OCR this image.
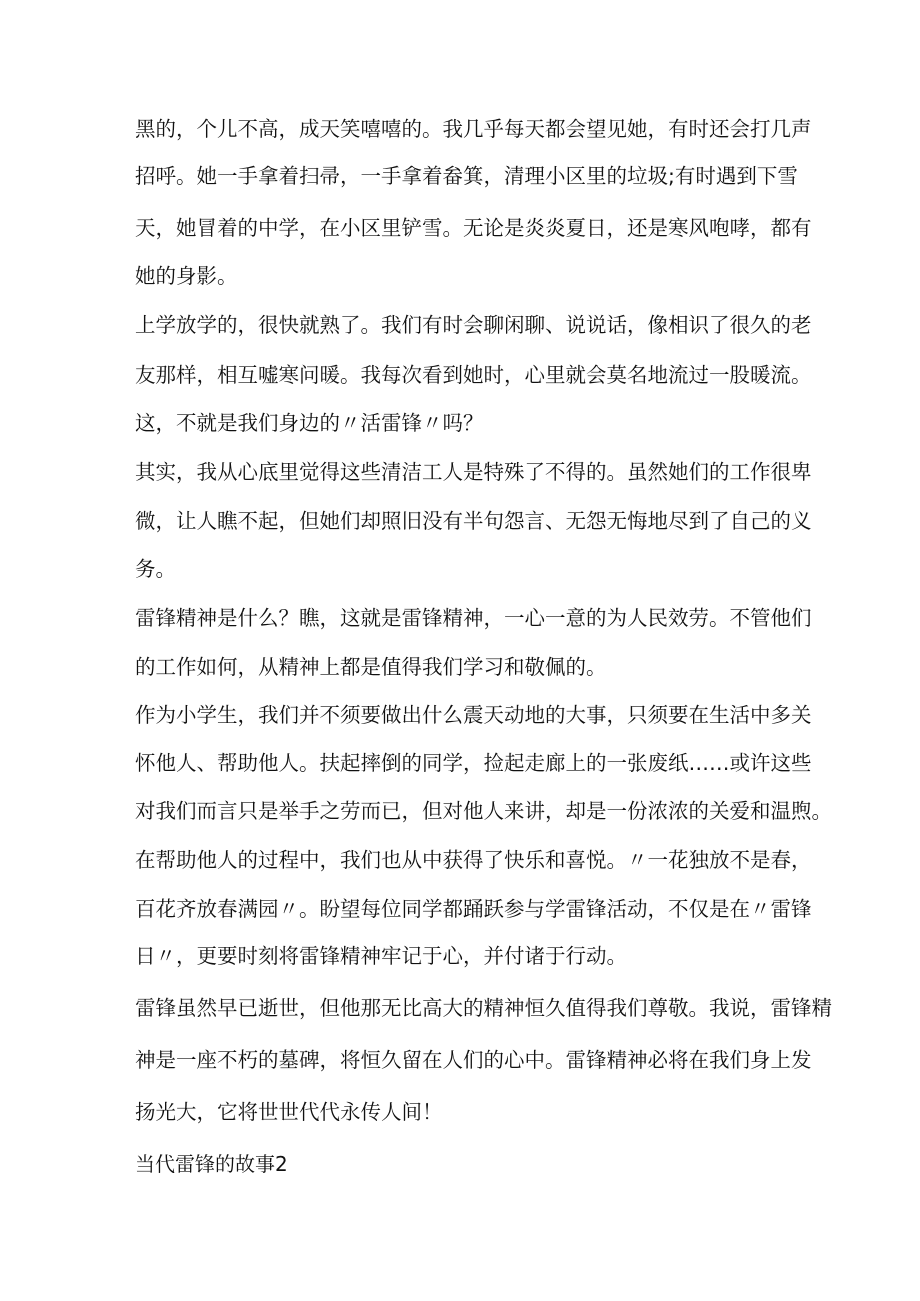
黑的，个儿不高，成天笑嘻嘻的。我几乎每天都会望见她，有时还会打几声
招呼。她一手拿着扫帚，一手拿着畚箕，清理小区里的垃圾;有时遇到下雪
天，她冒着的中学，在小区里铲雪。无论是炎炎夏日，还是寒风咆哮，都有
她的身影。
上学放学的，很快就熟了。我们有时会聊闲聊、说说话，像相识了很久的老
友那样，相互嘘寒问暖。我每次看到她时，心里就会莫名地流过一股暖流。
这，不就是我们身边的〃活雷锋〃吗？
其实，我从心底里觉得这些清洁工人是特殊了不得的。虽然她们的工作很卑
微，让人瞧不起，但她们却照旧没有半句怨言、无怨无悔地尽到了自己的义
务。
雷锋精神是什么？瞧，这就是雷锋精神，一心一意的为人民效劳。不管他们
的工作如何，从精神上都是值得我们学习和敬佩的。
作为小学生，我们并不须要做出什么震天动地的大事，只须要在生活中多关
怀他人、帮助他人。扶起摔倒的同学，捡起走廊上的一张废纸……或许这些
对我们而言只是举手之劳而已，但对他人来讲，却是一份浓浓的关爱和温煦。
在帮助他人的过程中，我们也从中获得了快乐和喜悦。〃一花独放不是春，
百花齐放春满园〃。盼望每位同学都踊跃参与学雷锋活动，不仅是在〃雷锋
日〃，更要时刻将雷锋精神牢记于心，并付诸于行动。
雷锋虽然早已逝世，但他那无比高大的精神恒久值得我们尊敬。我说，雷锋精
神是一座不朽的墓碑，将恒久留在人们的心中。雷锋精神必将在我们身上发
扬光大，它将世世代代永传人间！
当代雷锋的故事2
